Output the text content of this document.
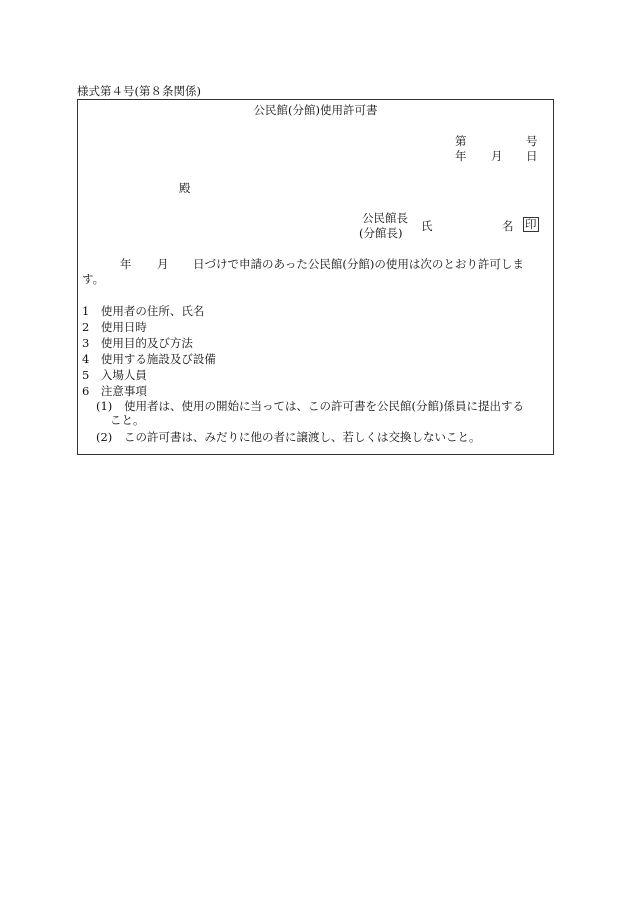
様式第４号(第８条関係)
公民館(分館)使用許可書
第	号
年 月 日
殿
公民館長
(分館長) 氏	名 印
年 月 日づけで申請のあった公民館(分館)の使用は次のとおり許可しま
す。
1　 使用者の住所、氏名
2　 使用日時
3　 使用目的及び方法
4　 使用する施設及び設備
5　 入場人員
6　 注意事項
(1) 使用者は、使用の開始に当っては、この許可書を公民館(分館)係員に提出する
こと。
(2) この許可書は、みだりに他の者に譲渡し、若しくは交換しないこと。
